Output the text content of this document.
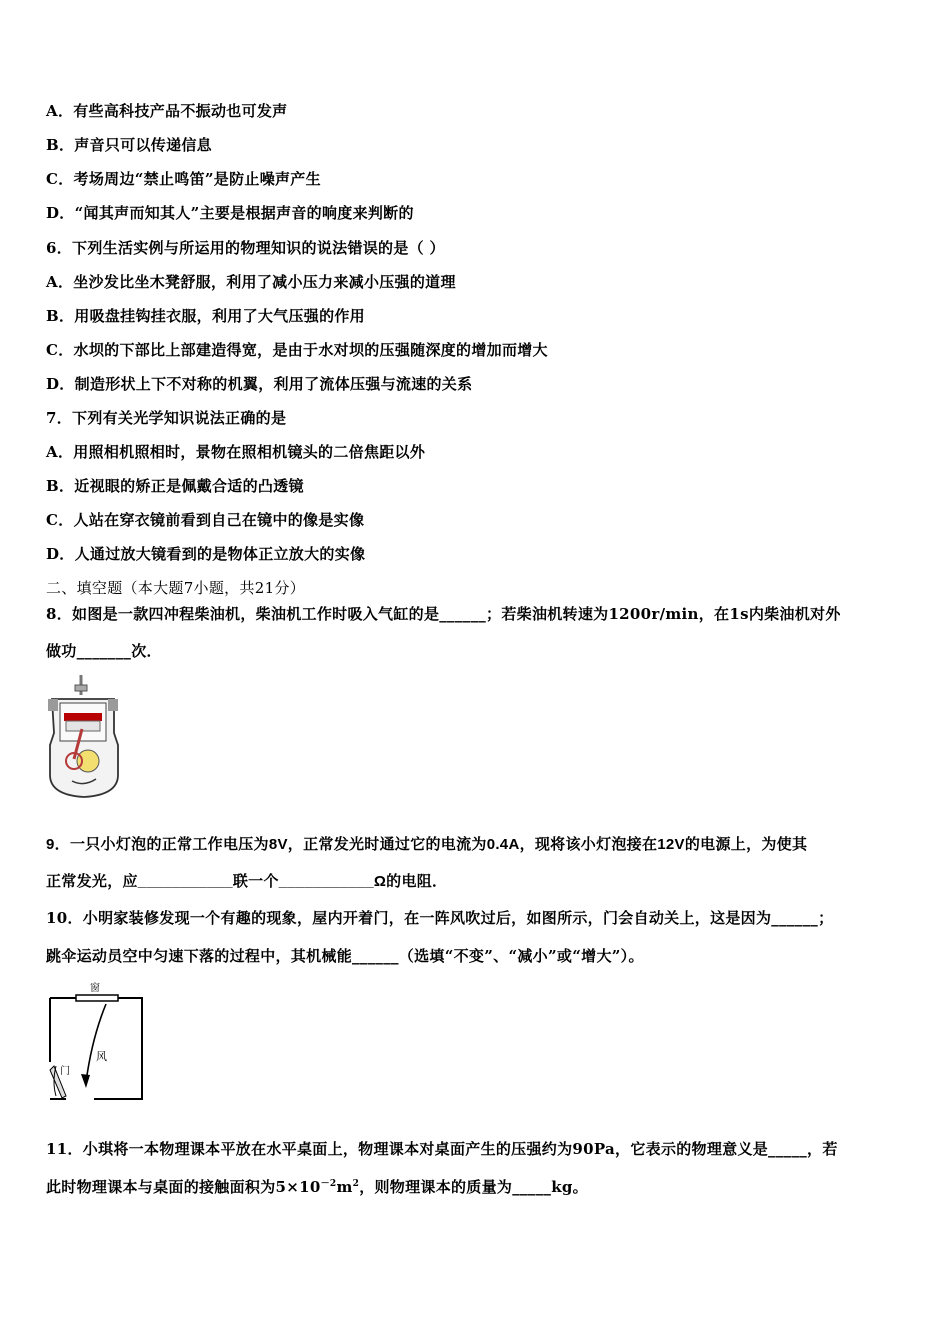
A．有些高科技产品不振动也可发声
B．声音只可以传递信息
C．考场周边“禁止鸣笛”是防止噪声产生
D．“闻其声而知其人”主要是根据声音的响度来判断的
6．下列生活实例与所运用的物理知识的说法错误的是（ ）
A．坐沙发比坐木凳舒服，利用了减小压力来减小压强的道理
B．用吸盘挂钩挂衣服，利用了大气压强的作用
C．水坝的下部比上部建造得宽，是由于水对坝的压强随深度的增加而增大
D．制造形状上下不对称的机翼，利用了流体压强与流速的关系
7．下列有关光学知识说法正确的是
A．用照相机照相时，景物在照相机镜头的二倍焦距以外
B．近视眼的矫正是佩戴合适的凸透镜
C．人站在穿衣镜前看到自己在镜中的像是实像
D．人通过放大镜看到的是物体正立放大的实像
二、填空题（本大题7小题，共21分）
8．如图是一款四冲程柴油机，柴油机工作时吸入气缸的是______；若柴油机转速为1200r/min，在1s内柴油机对外
做功_______次．
9．一只小灯泡的正常工作电压为8V，正常发光时通过它的电流为0.4A，现将该小灯泡接在12V的电源上，为使其
正常发光，应___________联一个___________Ω的电阻．
10．小明家装修发现一个有趣的现象，屋内开着门，在一阵风吹过后，如图所示，门会自动关上，这是因为______；
跳伞运动员空中匀速下落的过程中，其机械能______（选填“不变”、“减小”或“增大”）。
窗
风
门
11．小琪将一本物理课本平放在水平桌面上，物理课本对桌面产生的压强约为90Pa，它表示的物理意义是_____，若
此时物理课本与桌面的接触面积为$5\times 10^{-2}m^2$，则物理课本的质量为_____kg。
